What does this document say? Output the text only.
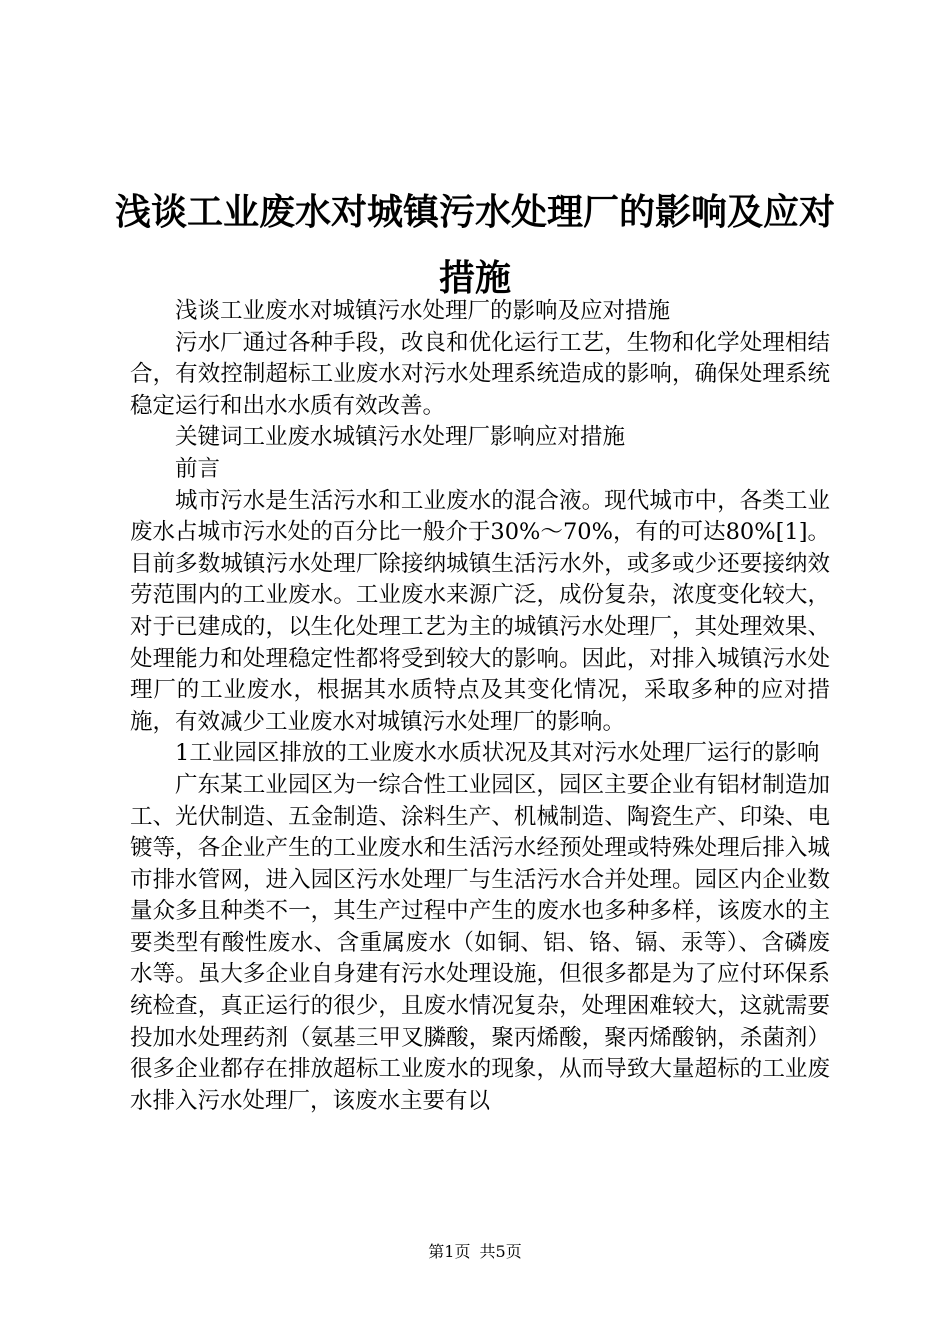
浅谈工业废水对城镇污水处理厂的影响及应对
措施

浅谈工业废水对城镇污水处理厂的影响及应对措施

污水厂通过各种手段，改良和优化运行工艺，生物和化学处理相结合，有效控制超标工业废水对污水处理系统造成的影响，确保处理系统稳定运行和出水水质有效改善。

关键词工业废水城镇污水处理厂影响应对措施

前言

城市污水是生活污水和工业废水的混合液。现代城市中，各类工业废水占城市污水处的百分比一般介于30%～70%，有的可达80%[1]。目前多数城镇污水处理厂除接纳城镇生活污水外，或多或少还要接纳效劳范围内的工业废水。工业废水来源广泛，成份复杂，浓度变化较大，对于已建成的，以生化处理工艺为主的城镇污水处理厂，其处理效果、处理能力和处理稳定性都将受到较大的影响。因此，对排入城镇污水处理厂的工业废水，根据其水质特点及其变化情况，采取多种的应对措施，有效减少工业废水对城镇污水处理厂的影响。

1工业园区排放的工业废水水质状况及其对污水处理厂运行的影响

广东某工业园区为一综合性工业园区，园区主要企业有铝材制造加工、光伏制造、五金制造、涂料生产、机械制造、陶瓷生产、印染、电镀等，各企业产生的工业废水和生活污水经预处理或特殊处理后排入城市排水管网，进入园区污水处理厂与生活污水合并处理。园区内企业数量众多且种类不一，其生产过程中产生的废水也多种多样，该废水的主要类型有酸性废水、含重属废水（如铜、铝、铬、镉、汞等）、含磷废水等。虽大多企业自身建有污水处理设施，但很多都是为了应付环保系统检查，真正运行的很少，且废水情况复杂，处理困难较大，这就需要投加水处理药剂（氨基三甲叉膦酸，聚丙烯酸，聚丙烯酸钠，杀菌剂）很多企业都存在排放超标工业废水的现象，从而导致大量超标的工业废水排入污水处理厂，该废水主要有以

第1页 共5页
